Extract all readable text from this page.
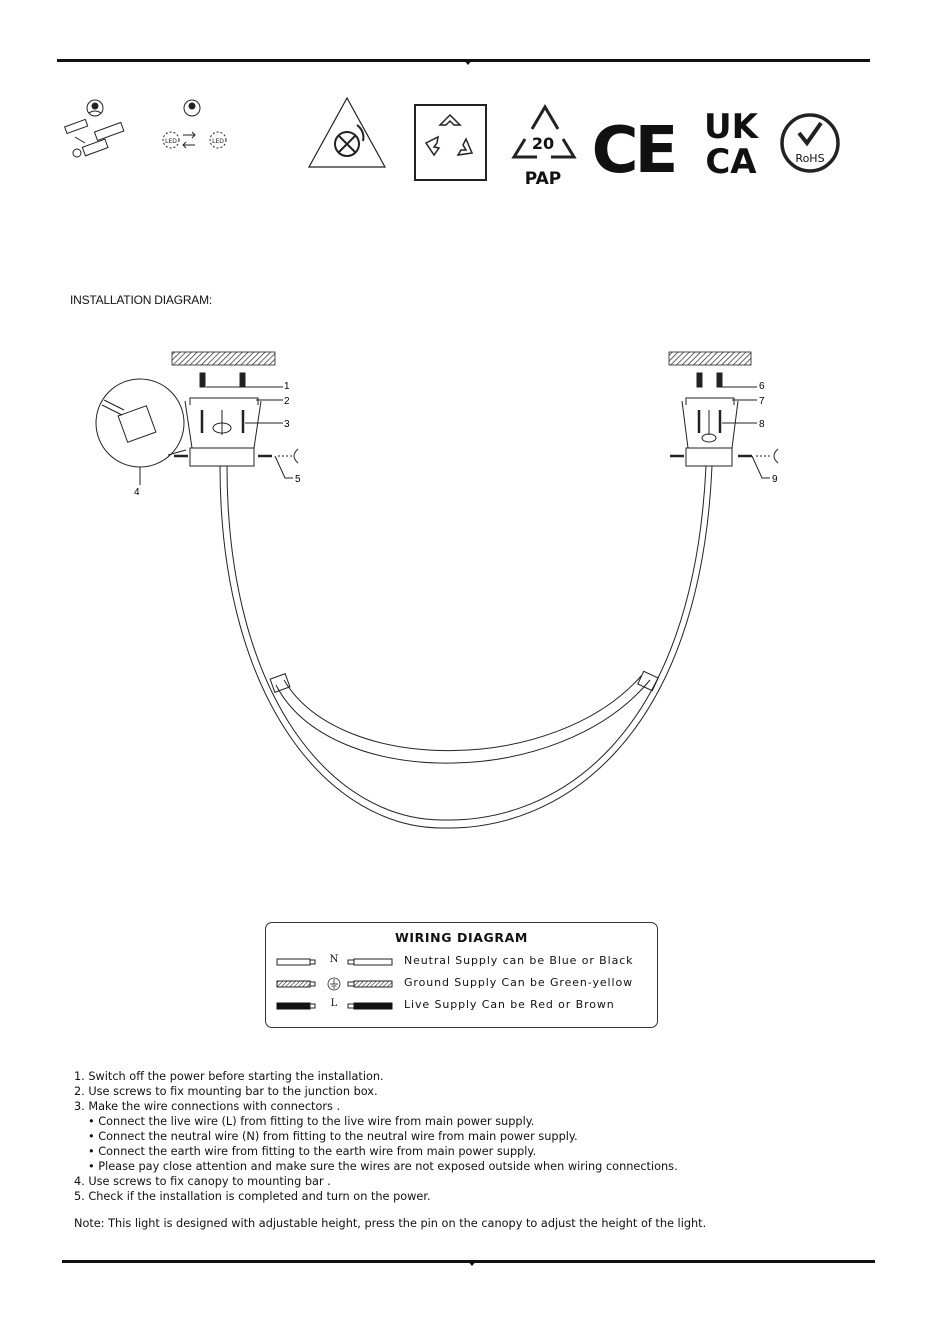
LED	LED	20
PAP CE UK
CA	RoHS
INSTALLATION DIAGRAM:
1
2
3
4
5
6
7
8
9
WIRING DIAGRAM
N	Neutral Supply can be Blue or Black
Ground Supply Can be Green-yellow
L	Live Supply Can be Red or Brown
1. Switch off the power before starting the installation.
2. Use screws to fix mounting bar to the junction box.
3. Make the wire connections with connectors .
• Connect the live wire (L) from fitting to the live wire from main power supply.
• Connect the neutral wire (N) from fitting to the neutral wire from main power supply.
• Connect the earth wire from fitting to the earth wire from main power supply.
• Please pay close attention and make sure the wires are not exposed outside when wiring connections.
4. Use screws to fix canopy to mounting bar .
5. Check if the installation is completed and turn on the power.
Note: This light is designed with adjustable height, press the pin on the canopy to adjust the height of the light.
